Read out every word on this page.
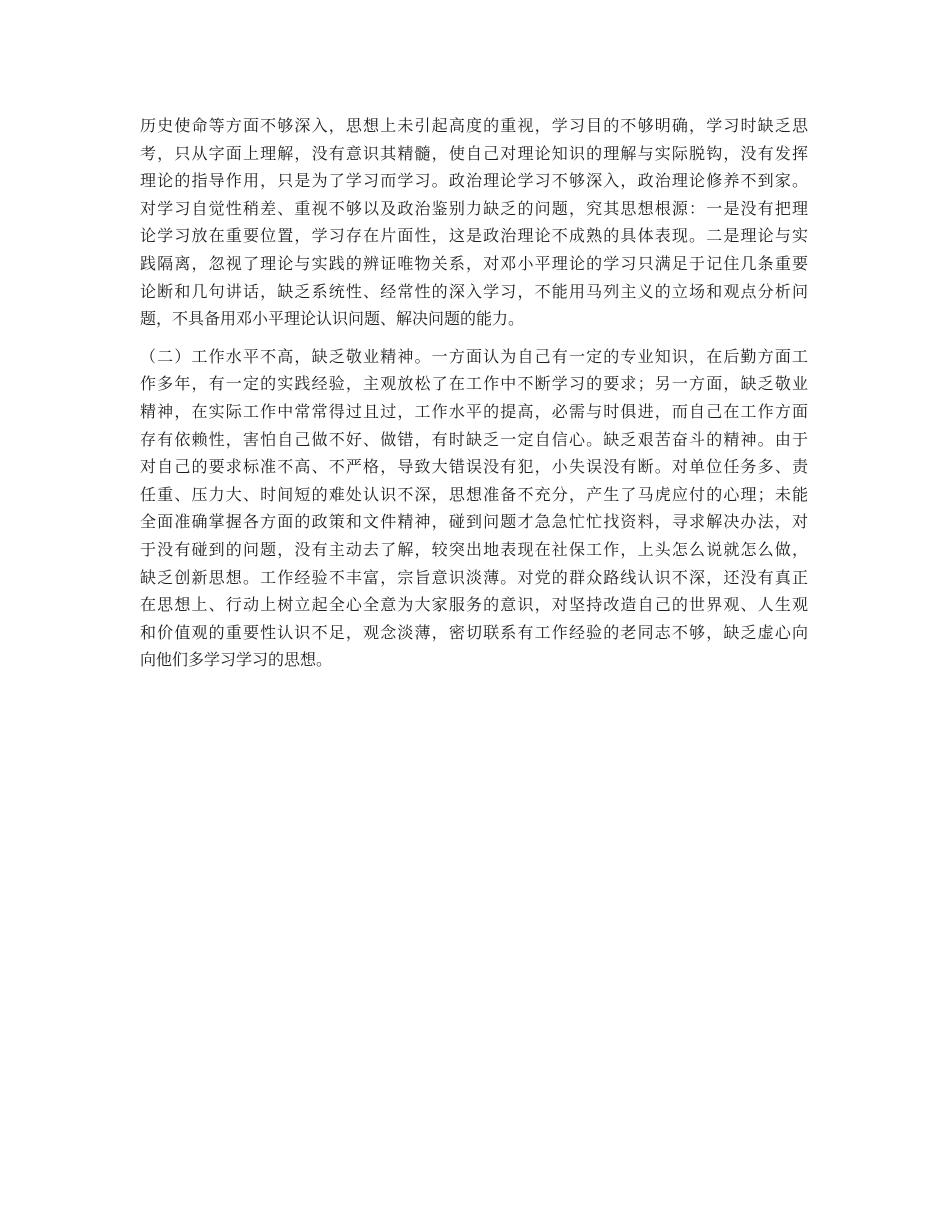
历史使命等方面不够深入，思想上未引起高度的重视，学习目的不够明确，学习时缺乏思
考，只从字面上理解，没有意识其精髓，使自己对理论知识的理解与实际脱钩，没有发挥
理论的指导作用，只是为了学习而学习。政治理论学习不够深入，政治理论修养不到家。
对学习自觉性稍差、重视不够以及政治鉴别力缺乏的问题，究其思想根源：一是没有把理
论学习放在重要位置，学习存在片面性，这是政治理论不成熟的具体表现。二是理论与实
践隔离，忽视了理论与实践的辨证唯物关系，对邓小平理论的学习只满足于记住几条重要
论断和几句讲话，缺乏系统性、经常性的深入学习，不能用马列主义的立场和观点分析问
题，不具备用邓小平理论认识问题、解决问题的能力。
（二）工作水平不高，缺乏敬业精神。一方面认为自己有一定的专业知识，在后勤方面工
作多年，有一定的实践经验，主观放松了在工作中不断学习的要求；另一方面，缺乏敬业
精神，在实际工作中常常得过且过，工作水平的提高，必需与时俱进，而自己在工作方面
存有依赖性，害怕自己做不好、做错，有时缺乏一定自信心。缺乏艰苦奋斗的精神。由于
对自己的要求标准不高、不严格，导致大错误没有犯，小失误没有断。对单位任务多、责
任重、压力大、时间短的难处认识不深，思想准备不充分，产生了马虎应付的心理；未能
全面准确掌握各方面的政策和文件精神，碰到问题才急急忙忙找资料，寻求解决办法，对
于没有碰到的问题，没有主动去了解，较突出地表现在社保工作，上头怎么说就怎么做，
缺乏创新思想。工作经验不丰富，宗旨意识淡薄。对党的群众路线认识不深，还没有真正
在思想上、行动上树立起全心全意为大家服务的意识，对坚持改造自己的世界观、人生观
和价值观的重要性认识不足，观念淡薄，密切联系有工作经验的老同志不够，缺乏虚心向
向他们多学习学习的思想。
